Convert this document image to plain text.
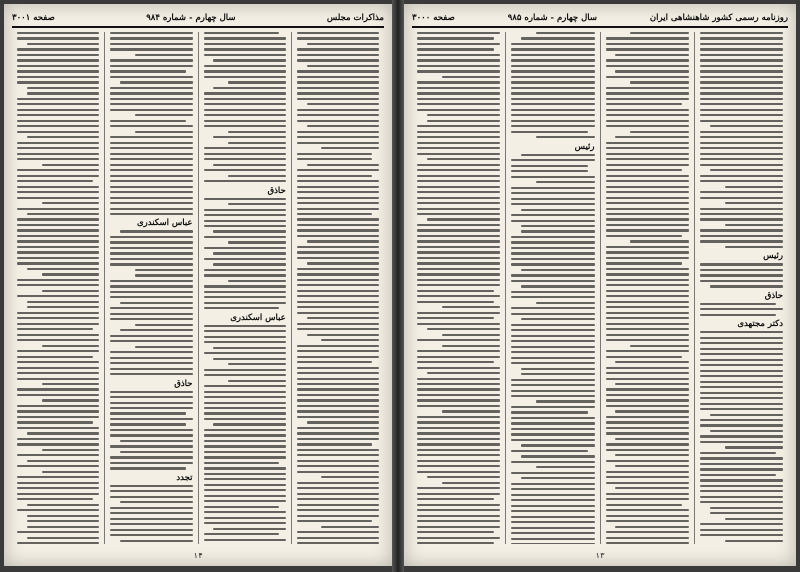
مذاکرات مجلس
سال چهارم - شماره ۹۸۴
صفحه ۳۰۰۱
حاذق
عباس اسکندری
عباس اسکندری
حاذق
تجدد
۱۴
روزنامه رسمی کشور شاهنشاهی ایران
سال چهارم - شماره ۹۸۵
صفحه ۳۰۰۰
رئیس
حاذق
دکتر مجتهدی
رئیس
۱۳
